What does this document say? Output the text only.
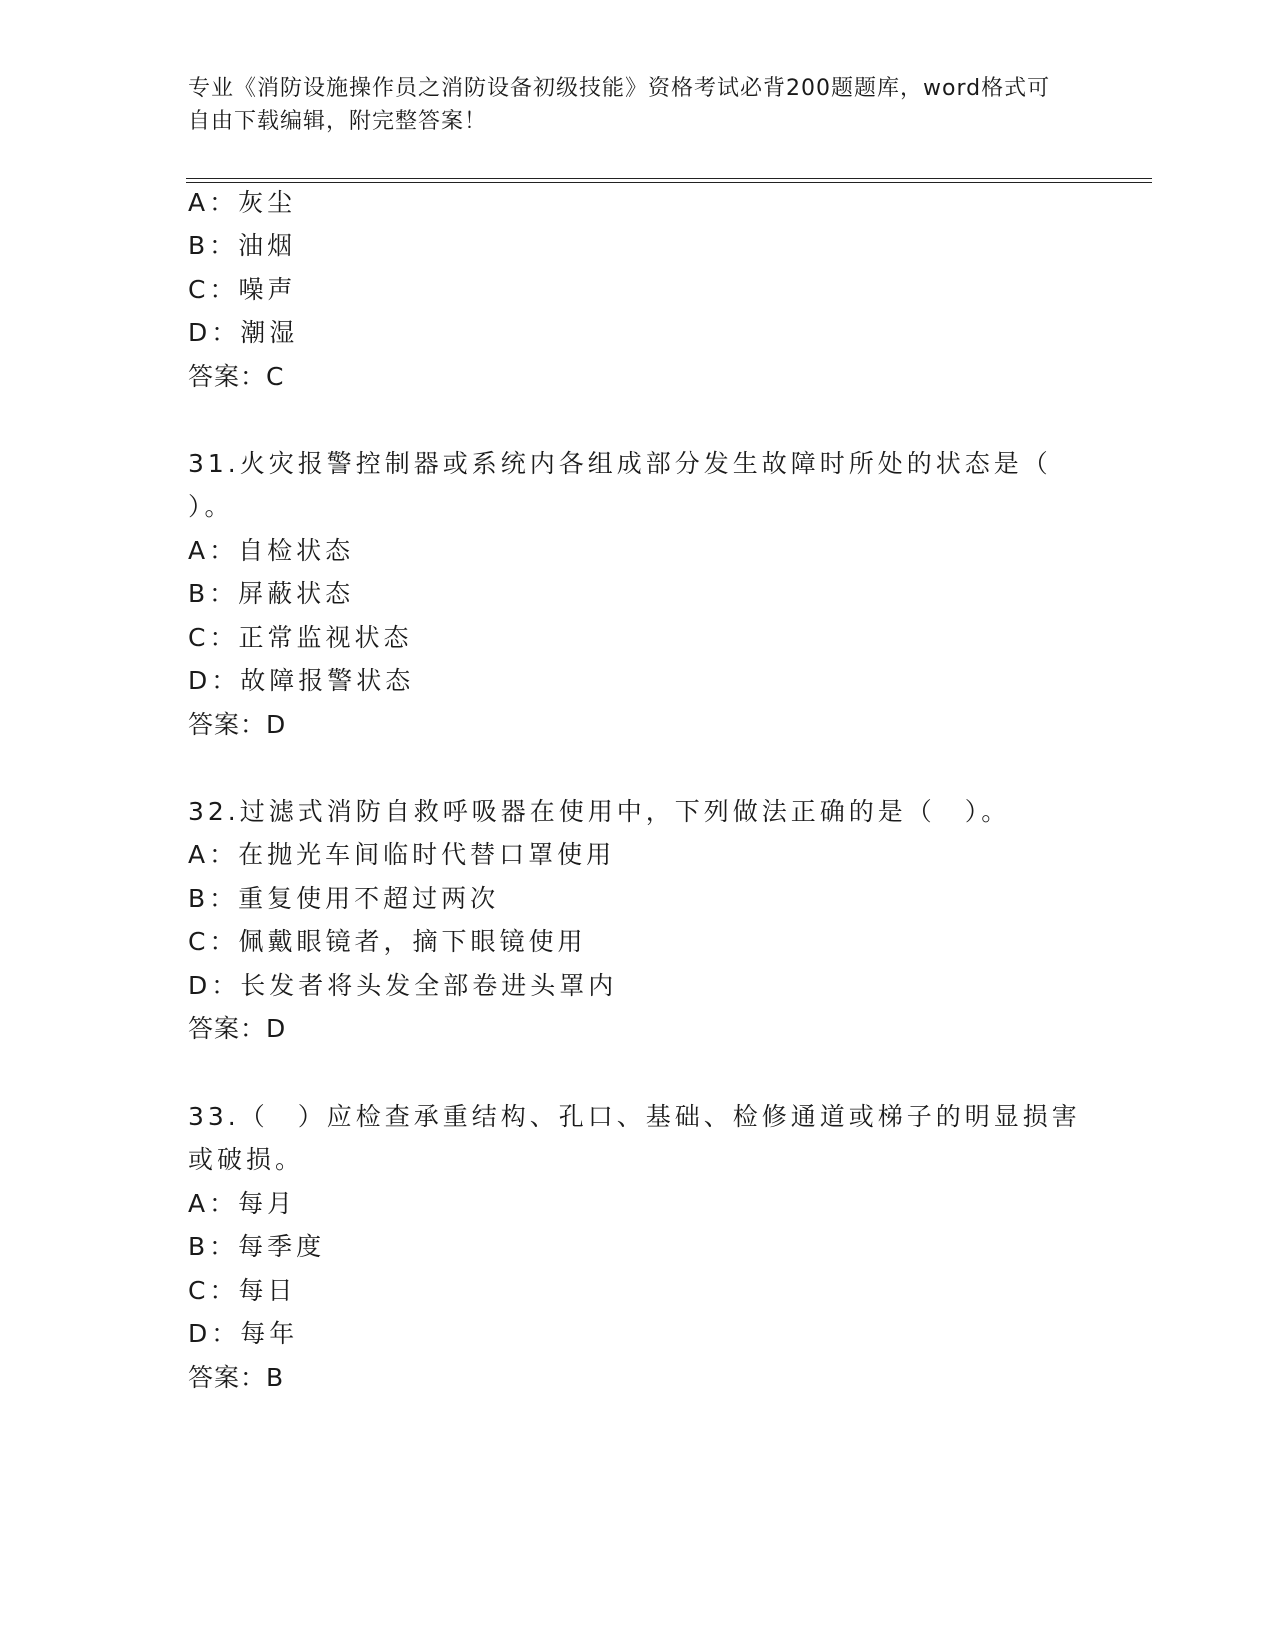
专业《消防设施操作员之消防设备初级技能》资格考试必背200题题库，word格式可自由下载编辑，附完整答案！
A：灰尘
B：油烟
C：噪声
D：潮湿
答案：C
31.火灾报警控制器或系统内各组成部分发生故障时所处的状态是（
）。
A：自检状态
B：屏蔽状态
C：正常监视状态
D：故障报警状态
答案：D
32.过滤式消防自救呼吸器在使用中，下列做法正确的是（　）。
A：在抛光车间临时代替口罩使用
B：重复使用不超过两次
C：佩戴眼镜者，摘下眼镜使用
D：长发者将头发全部卷进头罩内
答案：D
33.（　）应检查承重结构、孔口、基础、检修通道或梯子的明显损害
或破损。
A：每月
B：每季度
C：每日
D：每年
答案：B
